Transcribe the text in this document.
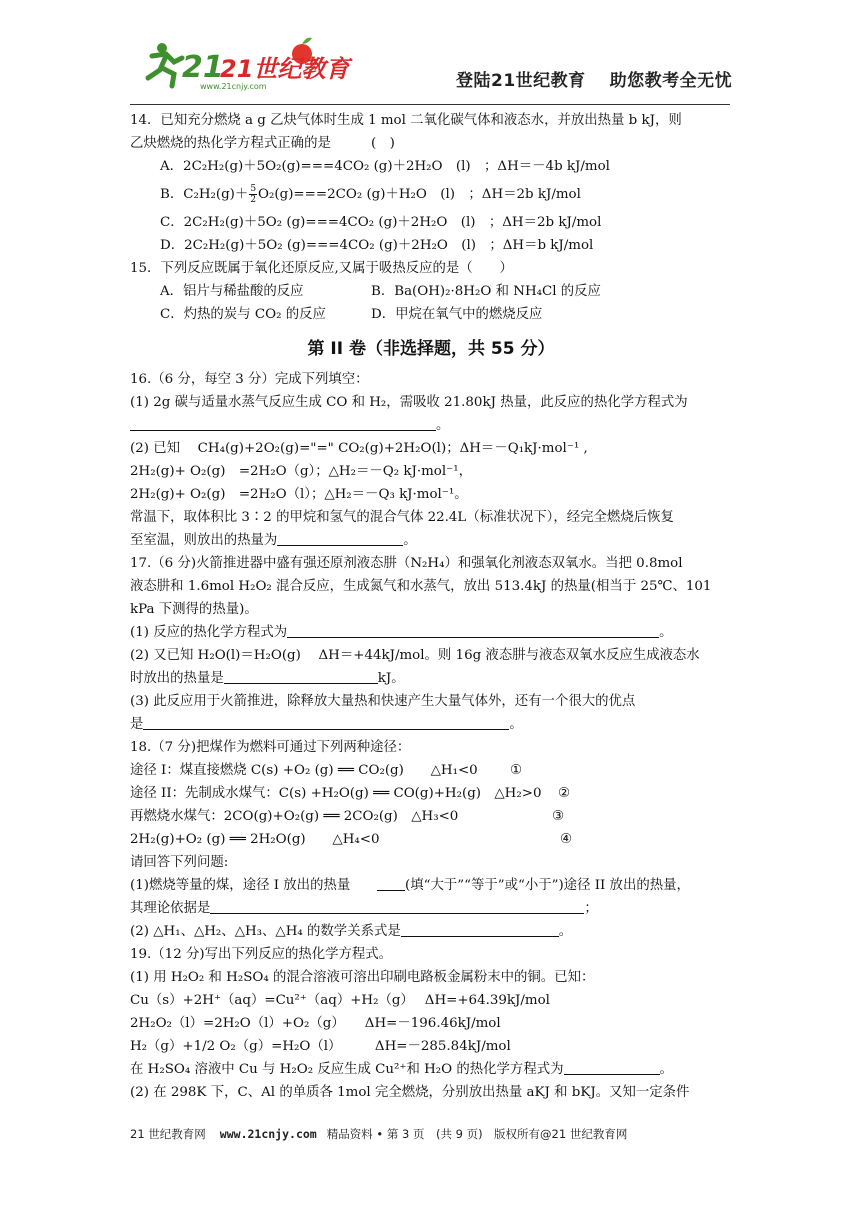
21
21世纪教育
www.21cnjy.com	登陆21世纪教育 助您教考全无忧
14．已知充分燃烧 a g 乙炔气体时生成 1 mol 二氧化碳气体和液态水，并放出热量 b kJ，则
乙炔燃烧的热化学方程式正确的是　　　(　)
A．2C₂H₂(g)＋5O₂(g)===4CO₂ (g)＋2H₂O　(l)　；ΔH＝－4b kJ/mol
B．$C_2H_2(g)+ \frac{5}{2} O_2(g)===2CO_2$ (g)＋H₂O　(l)　；ΔH＝2b kJ/mol
C．2C₂H₂(g)＋5O₂ (g)===4CO₂ (g)＋2H₂O　(l)　；ΔH＝2b kJ/mol
D．2C₂H₂(g)＋5O₂ (g)===4CO₂ (g)＋2H₂O　(l)　；ΔH＝b kJ/mol
15．下列反应既属于氧化还原反应,又属于吸热反应的是（　　）
A．铝片与稀盐酸的反应	B．Ba(OH)₂·8H₂O 和 NH₄Cl 的反应
C．灼热的炭与 CO₂ 的反应	D．甲烷在氧气中的燃烧反应
第 II 卷（非选择题，共 55 分）
16.（6 分，每空 3 分）完成下列填空：
(1) 2g 碳与适量水蒸气反应生成 CO 和 H₂，需吸收 21.80kJ 热量，此反应的热化学方程式为
。
(2) 已知　 CH₄(g)+2O₂(g)="=" CO₂(g)+2H₂O(l)；ΔH＝－Q₁kJ·mol⁻¹ ,
2H₂(g)+ O₂(g)　=2H₂O（g）；△H₂＝－Q₂ kJ·mol⁻¹，
2H₂(g)+ O₂(g)　=2H₂O（l）；△H₂＝－Q₃ kJ·mol⁻¹。
常温下，取体积比 3∶2 的甲烷和氢气的混合气体 22.4L（标准状况下），经完全燃烧后恢复
至室温，则放出的热量为	。
17.（6 分)火箭推进器中盛有强还原剂液态肼（N₂H₄）和强氧化剂液态双氧水。当把 0.8mol
液态肼和 1.6mol H₂O₂ 混合反应，生成氮气和水蒸气，放出 513.4kJ 的热量(相当于 25℃、101
kPa 下测得的热量)。
(1) 反应的热化学方程式为	。
(2) 又已知 H₂O(l)＝H₂O(g)　 ΔH＝+44kJ/mol。则 16g 液态肼与液态双氧水反应生成液态水
时放出的热量是	kJ。
(3) 此反应用于火箭推进，除释放大量热和快速产生大量气体外，还有一个很大的优点
是	。
18.（7 分)把煤作为燃料可通过下列两种途径：
途径 I：煤直接燃烧 C(s) +O₂ (g) ══ CO₂(g)　　△H₁<0 ①
途径 II：先制成水煤气：C(s) +H₂O(g) ══ CO(g)+H₂(g)　△H₂>0 ②
再燃烧水煤气：2CO(g)+O₂(g) ══ 2CO₂(g)　△H₃<0	③
2H₂(g)+O₂ (g) ══ 2H₂O(g)　　△H₄<0	④
请回答下列问题:
(1)燃烧等量的煤，途径 I 放出的热量　　(填“大于”“等于”或“小于”)途径 II 放出的热量，
其理论依据是	；
(2) △H₁、△H₂、△H₃、△H₄ 的数学关系式是	。
19.（12 分)写出下列反应的热化学方程式。
(1) 用 H₂O₂ 和 H₂SO₄ 的混合溶液可溶出印刷电路板金属粉末中的铜。已知：
Cu（s）+2H⁺（aq）=Cu²⁺（aq）+H₂（g）　 ΔH=+64.39kJ/mol
2H₂O₂（l）=2H₂O（l）+O₂（g）　　ΔH=－196.46kJ/mol
H₂（g）+1/2 O₂（g）=H₂O（l）　　　ΔH=－285.84kJ/mol
在 H₂SO₄ 溶液中 Cu 与 H₂O₂ 反应生成 Cu²⁺和 H₂O 的热化学方程式为	。
(2) 在 298K 下，C、Al 的单质各 1mol 完全燃烧，分别放出热量 aKJ 和 bKJ。又知一定条件
21 世纪教育网 www.21cnjy.com 精品资料 • 第 3 页　(共 9 页)　版权所有@21 世纪教育网
